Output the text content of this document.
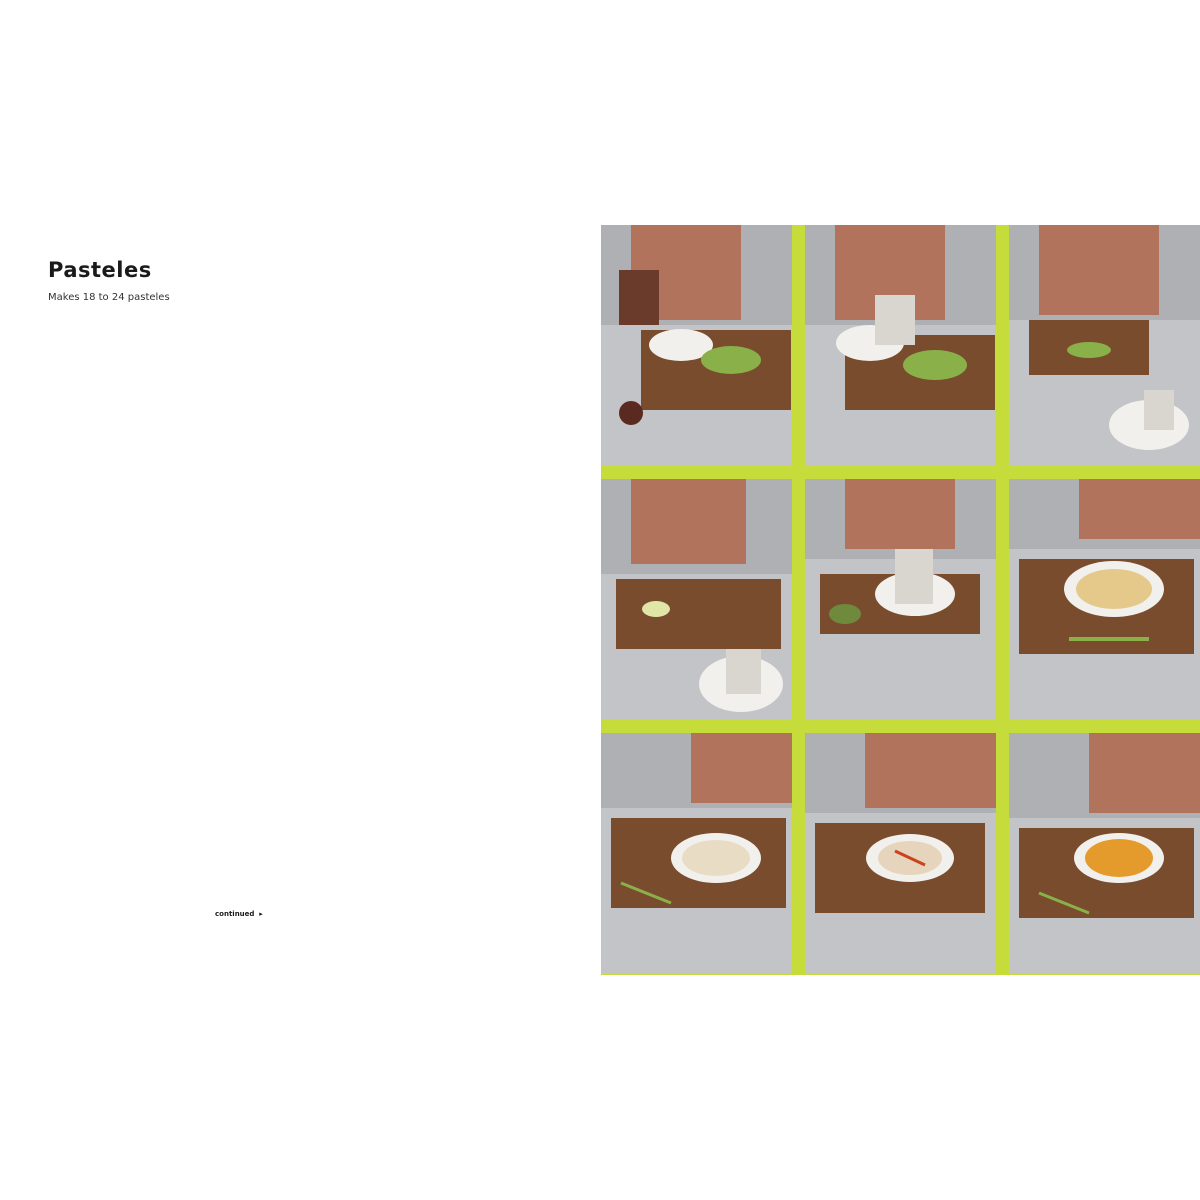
Pasteles
Makes 18 to 24 pasteles
continued  ▸
